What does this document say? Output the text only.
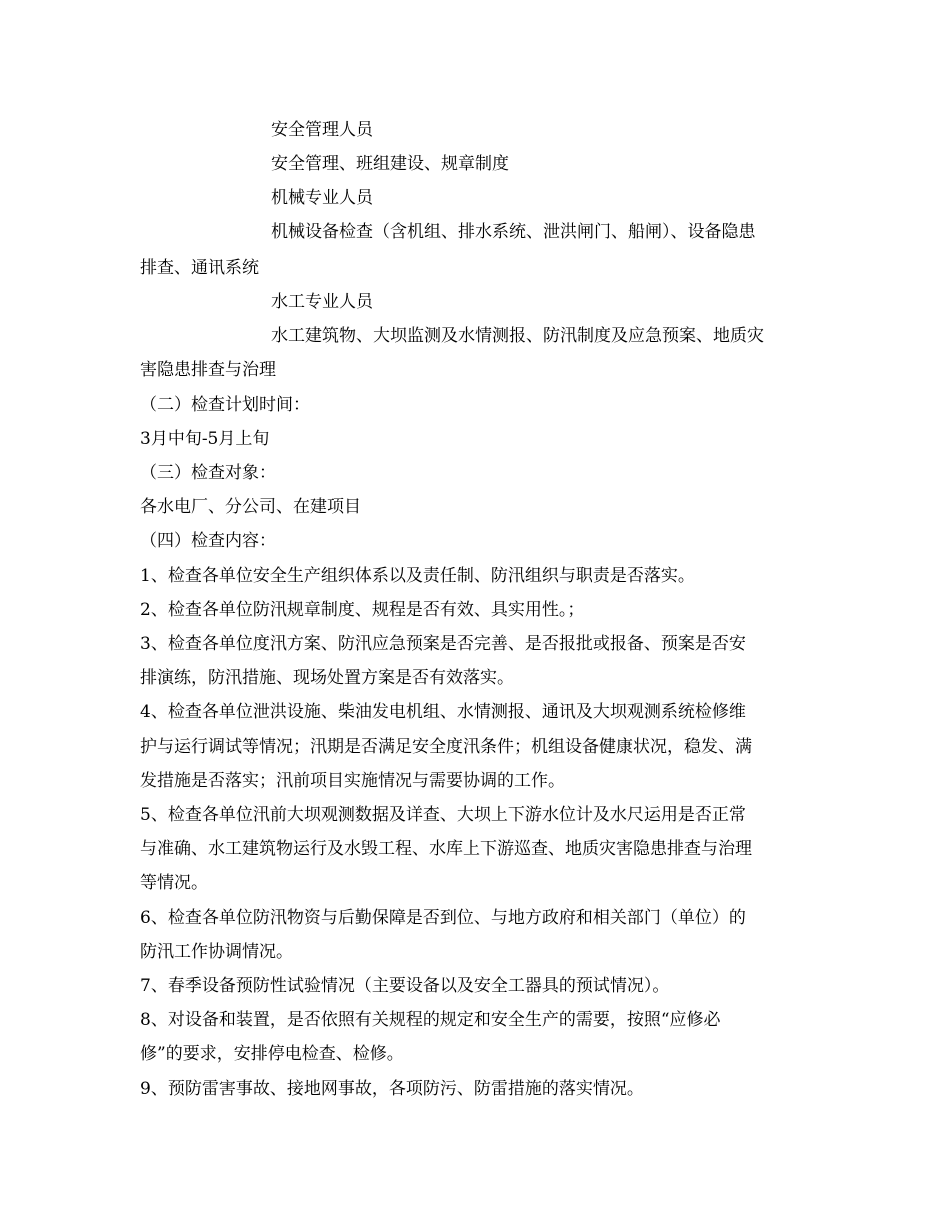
安全管理人员
安全管理、班组建设、规章制度
机械专业人员
机械设备检查（含机组、排水系统、泄洪闸门、船闸）、设备隐患
排查、通讯系统
水工专业人员
水工建筑物、大坝监测及水情测报、防汛制度及应急预案、地质灾
害隐患排查与治理
（二）检查计划时间：
3月中旬-5月上旬
（三）检查对象：
各水电厂、分公司、在建项目
（四）检查内容：
1、检查各单位安全生产组织体系以及责任制、防汛组织与职责是否落实。
2、检查各单位防汛规章制度、规程是否有效、具实用性。；
3、检查各单位度汛方案、防汛应急预案是否完善、是否报批或报备、预案是否安
排演练，防汛措施、现场处置方案是否有效落实。
4、检查各单位泄洪设施、柴油发电机组、水情测报、通讯及大坝观测系统检修维
护与运行调试等情况；汛期是否满足安全度汛条件；机组设备健康状况，稳发、满
发措施是否落实；汛前项目实施情况与需要协调的工作。
5、检查各单位汛前大坝观测数据及详查、大坝上下游水位计及水尺运用是否正常
与准确、水工建筑物运行及水毁工程、水库上下游巡查、地质灾害隐患排查与治理
等情况。
6、检查各单位防汛物资与后勤保障是否到位、与地方政府和相关部门（单位）的
防汛工作协调情况。
7、春季设备预防性试验情况（主要设备以及安全工器具的预试情况）。
8、对设备和装置，是否依照有关规程的规定和安全生产的需要，按照“应修必
修”的要求，安排停电检查、检修。
9、预防雷害事故、接地网事故，各项防污、防雷措施的落实情况。
